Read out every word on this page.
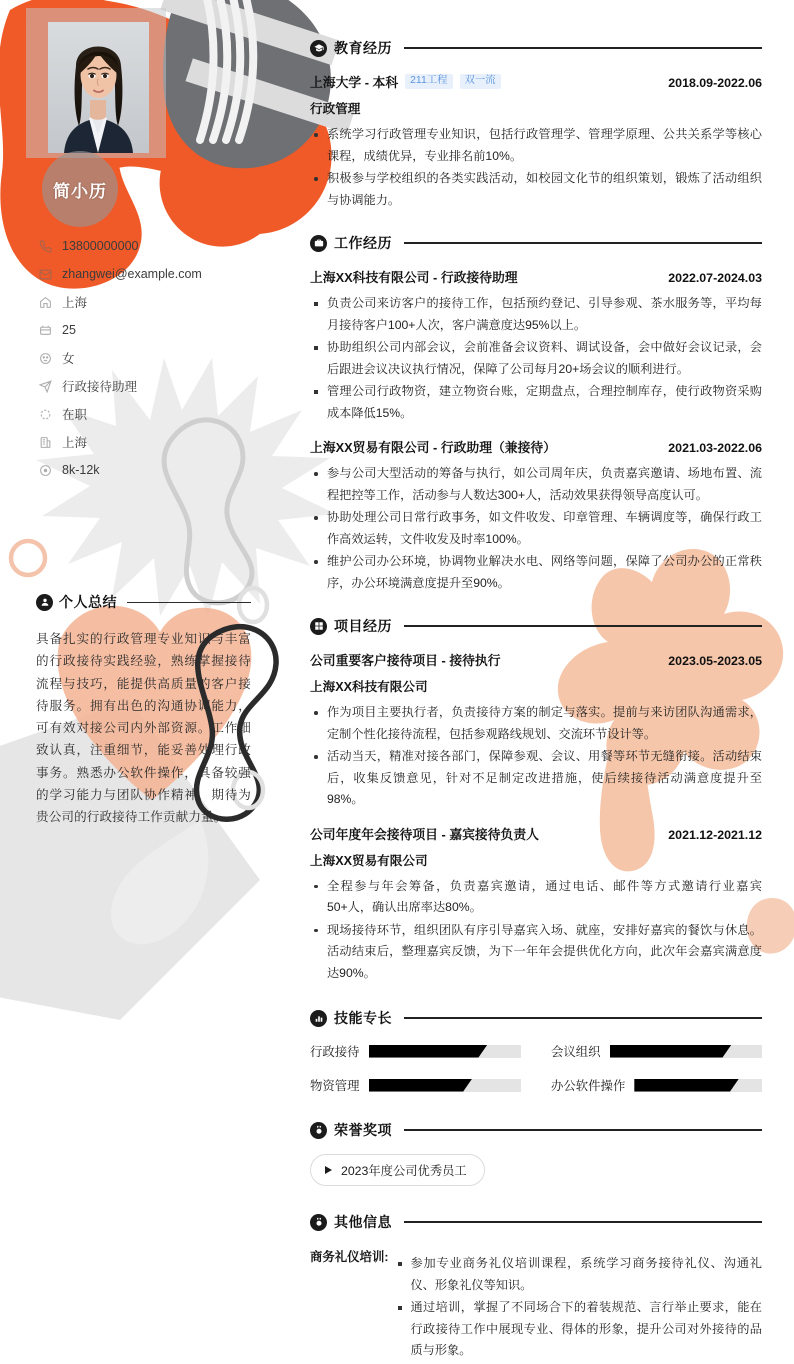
简小历
13800000000
zhangwei@example.com
上海
25
女
行政接待助理
在职
上海
8k-12k
个人总结
具备扎实的行政管理专业知识与丰富的行政接待实践经验，熟练掌握接待流程与技巧，能提供高质量的客户接待服务。拥有出色的沟通协调能力，可有效对接公司内外部资源。工作细致认真，注重细节，能妥善处理行政事务。熟悉办公软件操作，具备较强的学习能力与团队协作精神，期待为贵公司的行政接待工作贡献力量。
教育经历
上海大学 - 本科	211工程	双一流	2018.09-2022.06
行政管理
系统学习行政管理专业知识，包括行政管理学、管理学原理、公共关系学等核心课程，成绩优异，专业排名前10%。
积极参与学校组织的各类实践活动，如校园文化节的组织策划，锻炼了活动组织与协调能力。
工作经历
上海XX科技有限公司 - 行政接待助理	2022.07-2024.03
负责公司来访客户的接待工作，包括预约登记、引导参观、茶水服务等，平均每月接待客户100+人次，客户满意度达95%以上。
协助组织公司内部会议，会前准备会议资料、调试设备，会中做好会议记录，会后跟进会议决议执行情况，保障了公司每月20+场会议的顺利进行。
管理公司行政物资，建立物资台账，定期盘点，合理控制库存，使行政物资采购成本降低15%。
上海XX贸易有限公司 - 行政助理（兼接待）	2021.03-2022.06
参与公司大型活动的筹备与执行，如公司周年庆，负责嘉宾邀请、场地布置、流程把控等工作，活动参与人数达300+人，活动效果获得领导高度认可。
协助处理公司日常行政事务，如文件收发、印章管理、车辆调度等，确保行政工作高效运转，文件收发及时率100%。
维护公司办公环境，协调物业解决水电、网络等问题，保障了公司办公的正常秩序，办公环境满意度提升至90%。
项目经历
公司重要客户接待项目 - 接待执行	2023.05-2023.05
上海XX科技有限公司
作为项目主要执行者，负责接待方案的制定与落实。提前与来访团队沟通需求，定制个性化接待流程，包括参观路线规划、交流环节设计等。
活动当天，精准对接各部门，保障参观、会议、用餐等环节无缝衔接。活动结束后，收集反馈意见，针对不足制定改进措施，使后续接待活动满意度提升至98%。
公司年度年会接待项目 - 嘉宾接待负责人	2021.12-2021.12
上海XX贸易有限公司
全程参与年会筹备，负责嘉宾邀请，通过电话、邮件等方式邀请行业嘉宾50+人，确认出席率达80%。
现场接待环节，组织团队有序引导嘉宾入场、就座，安排好嘉宾的餐饮与休息。活动结束后，整理嘉宾反馈，为下一年年会提供优化方向，此次年会嘉宾满意度达90%。
技能专长
行政接待	会议组织
物资管理	办公软件操作
荣誉奖项
2023年度公司优秀员工
其他信息
商务礼仪培训:	参加专业商务礼仪培训课程，系统学习商务接待礼仪、沟通礼仪、形象礼仪等知识。
通过培训，掌握了不同场合下的着装规范、言行举止要求，能在行政接待工作中展现专业、得体的形象，提升公司对外接待的品质与形象。
